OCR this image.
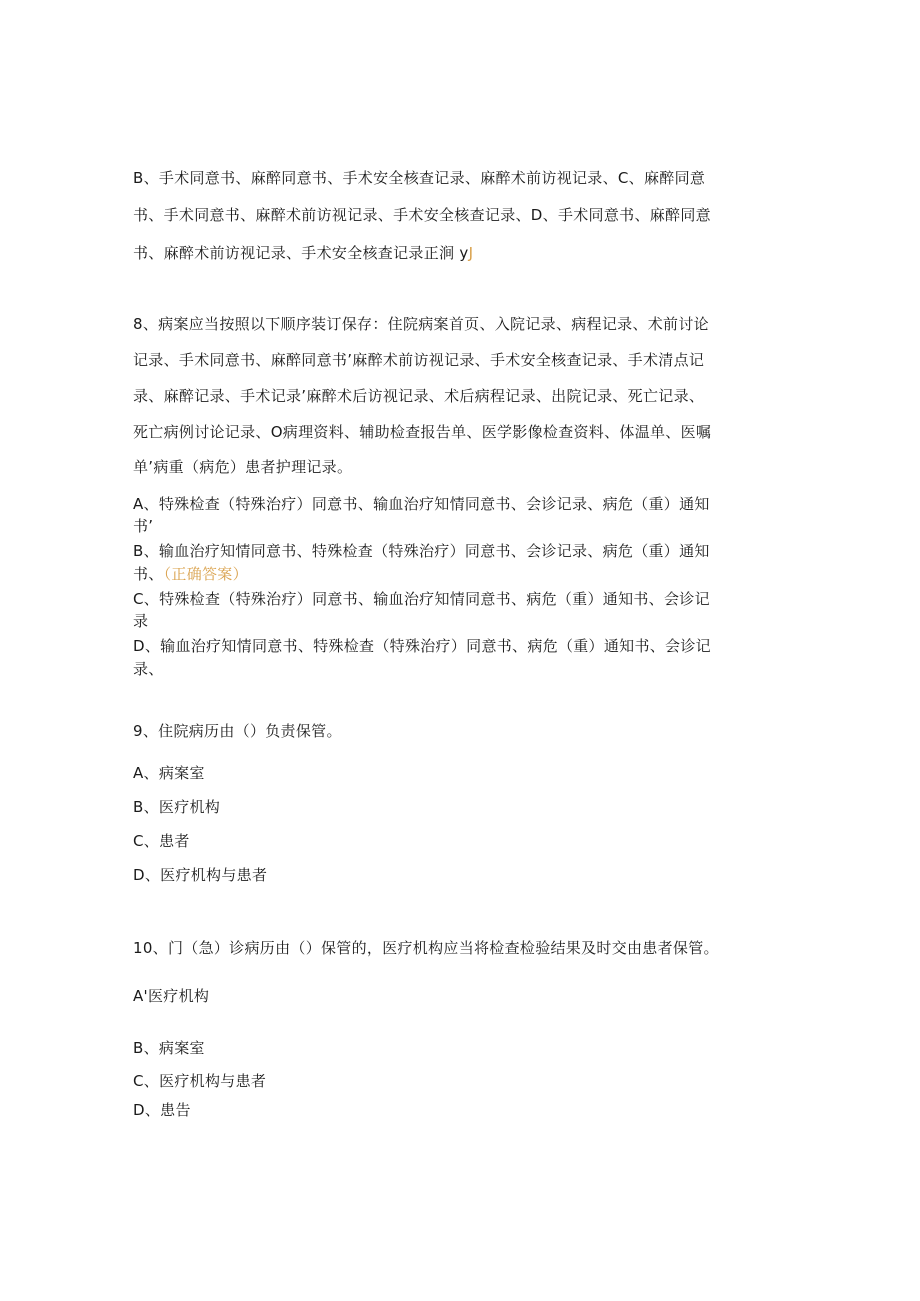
B、手术同意书、麻醉同意书、手术安全核查记录、麻醉术前访视记录、C、麻醉同意
书、手术同意书、麻醉术前访视记录、手术安全核查记录、D、手术同意书、麻醉同意
书、麻醉术前访视记录、手术安全核查记录正涧 yJ
8、病案应当按照以下顺序装订保存：住院病案首页、入院记录、病程记录、术前讨论
记录、手术同意书、麻醉同意书’麻醉术前访视记录、手术安全核查记录、手术清点记
录、麻醉记录、手术记录’麻醉术后访视记录、术后病程记录、出院记录、死亡记录、
死亡病例讨论记录、O病理资料、辅助检查报告单、医学影像检查资料、体温单、医嘱
单’病重（病危）患者护理记录。
A、特殊检查（特殊治疗）同意书、输血治疗知情同意书、会诊记录、病危（重）通知
书’
B、输血治疗知情同意书、特殊检查（特殊治疗）同意书、会诊记录、病危（重）通知
书、（正确答案）
C、特殊检查（特殊治疗）同意书、输血治疗知情同意书、病危（重）通知书、会诊记
录
D、输血治疗知情同意书、特殊检查（特殊治疗）同意书、病危（重）通知书、会诊记
录、
9、住院病历由（）负责保管。
A、病案室
B、医疗机构
C、患者
D、医疗机构与患者
10、门（急）诊病历由（）保管的，医疗机构应当将检查检验结果及时交由患者保管。
A'医疗机构
B、病案室
C、医疗机构与患者
D、患告
